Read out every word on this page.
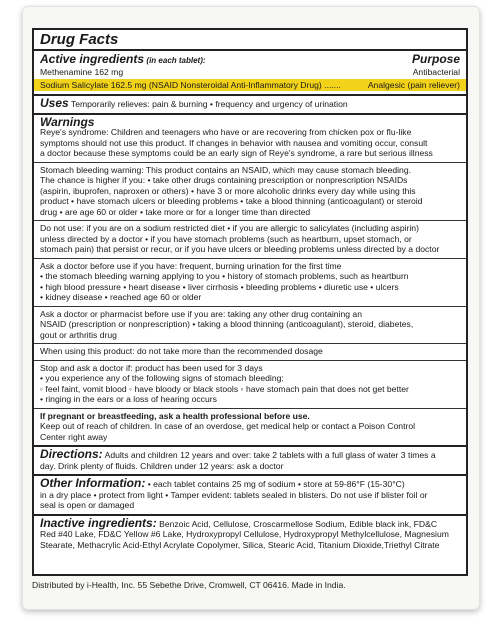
Drug Facts
Active ingredients (in each tablet):	Purpose
Methenamine 162 mg	Antibacterial
Sodium Salicylate 162.5 mg (NSAID Nonsteroidal Anti-Inflammatory Drug) .......	Analgesic (pain reliever)
Uses Temporarily relieves: pain & burning • frequency and urgency of urination
Warnings
Reye's syndrome: Children and teenagers who have or are recovering from chicken pox or flu-like
symptoms should not use this product. If changes in behavior with nausea and vomiting occur, consult
a doctor because these symptoms could be an early sign of Reye's syndrome, a rare but serious illness
Stomach bleeding warning: This product contains an NSAID, which may cause stomach bleeding.
The chance is higher if you: • take other drugs containing prescription or nonprescription NSAIDs
(aspirin, ibuprofen, naproxen or others) • have 3 or more alcoholic drinks every day while using this
product • have stomach ulcers or bleeding problems • take a blood thinning (anticoagulant) or steroid
drug • are age 60 or older • take more or for a longer time than directed
Do not use: if you are on a sodium restricted diet • if you are allergic to salicylates (including aspirin)
unless directed by a doctor • if you have stomach problems (such as heartburn, upset stomach, or
stomach pain) that persist or recur, or if you have ulcers or bleeding problems unless directed by a doctor
Ask a doctor before use if you have: frequent, burning urination for the first time
• the stomach bleeding warning applying to you • history of stomach problems, such as heartburn
• high blood pressure • heart disease • liver cirrhosis • bleeding problems • diuretic use • ulcers
• kidney disease • reached age 60 or older
Ask a doctor or pharmacist before use if you are: taking any other drug containing an
NSAID (prescription or nonprescription) • taking a blood thinning (anticoagulant), steroid, diabetes,
gout or arthritis drug
When using this product: do not take more than the recommended dosage
Stop and ask a doctor if: product has been used for 3 days
• you experience any of the following signs of stomach bleeding:
◦ feel faint, vomit blood ◦ have bloody or black stools ◦ have stomach pain that does not get better
• ringing in the ears or a loss of hearing occurs
If pregnant or breastfeeding, ask a health professional before use.
Keep out of reach of children. In case of an overdose, get medical help or contact a Poison Control
Center right away
Directions: Adults and children 12 years and over: take 2 tablets with a full glass of water 3 times a
day. Drink plenty of fluids. Children under 12 years: ask a doctor
Other Information: • each tablet contains 25 mg of sodium • store at 59-86°F (15-30°C)
in a dry place • protect from light • Tamper evident: tablets sealed in blisters. Do not use if blister foil or
seal is open or damaged
Inactive ingredients: Benzoic Acid, Cellulose, Croscarmellose Sodium, Edible black ink, FD&C
Red #40 Lake, FD&C Yellow #6 Lake, Hydroxypropyl Cellulose, Hydroxypropyl Methylcellulose, Magnesium
Stearate, Methacrylic Acid-Ethyl Acrylate Copolymer, Silica, Stearic Acid, Titanium Dioxide,Triethyl Citrate
Distributed by i-Health, Inc. 55 Sebethe Drive, Cromwell, CT 06416. Made in India.
